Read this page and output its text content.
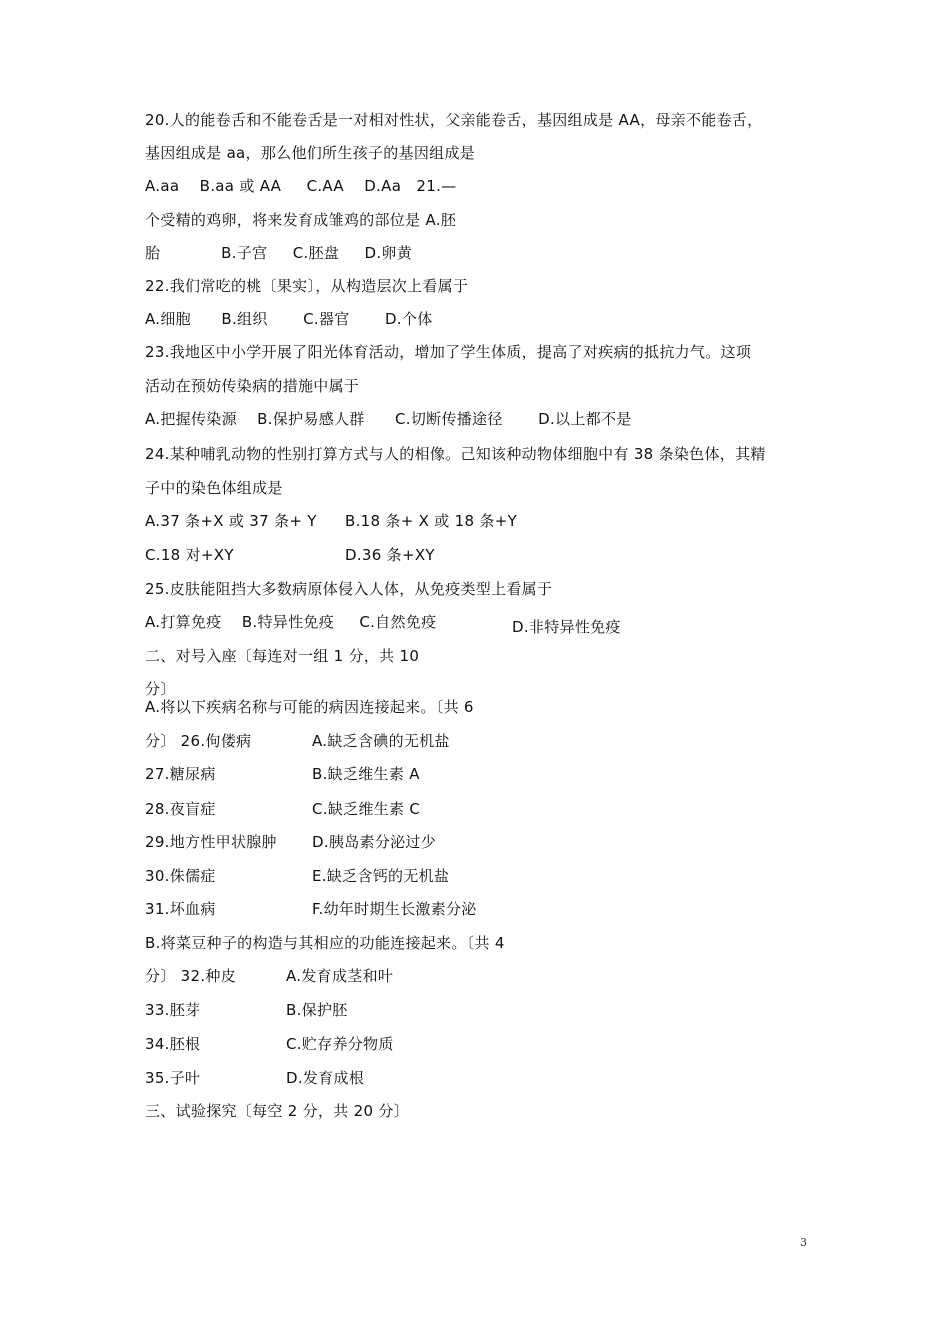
20.人的能卷舌和不能卷舌是一对相对性状，父亲能卷舌，基因组成是 AA，母亲不能卷舌，
基因组成是 aa，那么他们所生孩子的基因组成是
A.aa    B.aa 或 AA     C.AA    D.Aa   21.—
个受精的鸡卵，将来发育成雏鸡的部位是 A.胚
胎            B.子宫     C.胚盘     D.卵黄
22.我们常吃的桃〔果实〕，从构造层次上看属于
A.细胞      B.组织       C.器官       D.个体
23.我地区中小学开展了阳光体育活动，增加了学生体质，提高了对疾病的抵抗力气。这项
活动在预妨传染病的措施中属于
A.把握传染源    B.保护易感人群      C.切断传播途径       D.以上都不是
24.某种哺乳动物的性别打算方式与人的相像。己知该种动物体细胞中有 38 条染色体，其精
子中的染色体组成是
A.37 条+X 或 37 条+ Y B.18 条+ X 或 18 条+Y
C.18 对+XY	D.36 条+XY
25.皮肤能阻挡大多数病原体侵入人体，从免疫类型上看属于
A.打算免疫    B.特异性免疫     C.自然免疫	D.非特异性免疫
二、对号入座〔每连对一组 1 分，共 10
分〕
A.将以下疾病名称与可能的病因连接起来。〔共 6
分〕 26.佝偻病	A.缺乏含碘的无机盐
27.糖尿病	B.缺乏维生素 A
28.夜盲症	C.缺乏维生素 C
29.地方性甲状腺肿 D.胰岛素分泌过少
30.侏儒症	E.缺乏含钙的无机盐
31.坏血病	F.幼年时期生长激素分泌
B.将菜豆种子的构造与其相应的功能连接起来。〔共 4
分〕 32.种皮	A.发育成茎和叶
33.胚芽	B.保护胚
34.胚根	C.贮存养分物质
35.子叶	D.发育成根
三、试验探究〔每空 2 分，共 20 分〕
3
